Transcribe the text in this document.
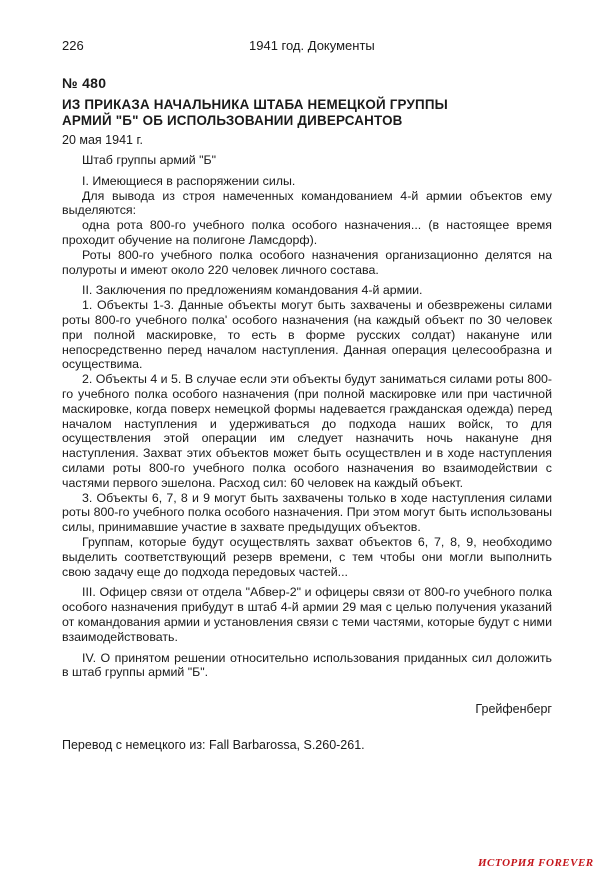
226	1941 год. Документы
№ 480
ИЗ ПРИКАЗА НАЧАЛЬНИКА ШТАБА НЕМЕЦКОЙ ГРУППЫ
АРМИЙ "Б" ОБ ИСПОЛЬЗОВАНИИ ДИВЕРСАНТОВ
20 мая 1941 г.

Штаб группы армий "Б"

I. Имеющиеся в распоряжении силы.

Для вывода из строя намеченных командованием 4-й армии объектов ему выделяются:

одна рота 800-го учебного полка особого назначения... (в настоящее время проходит обучение на полигоне Ламсдорф).

Роты 800-го учебного полка особого назначения организационно делятся на полуроты и имеют около 220 человек личного состава.

II. Заключения по предложениям командования 4-й армии.

1. Объекты 1-3. Данные объекты могут быть захвачены и обезврежены силами роты 800-го учебного полка' особого назначения (на каждый объект по 30 человек при полной маскировке, то есть в форме русских солдат) накануне или непосредственно перед началом наступления. Данная операция целесообразна и осуществима.

2. Объекты 4 и 5. В случае если эти объекты будут заниматься силами роты 800-го учебного полка особого назначения (при полной маскировке или при частичной маскировке, когда поверх немецкой формы надевается гражданская одежда) перед началом наступления и удерживаться до подхода наших войск, то для осуществления этой операции им следует назначить ночь накануне дня наступления. Захват этих объектов может быть осуществлен и в ходе наступления силами роты 800-го учебного полка особого назначения во взаимодействии с частями первого эшелона. Расход сил: 60 человек на каждый объект.

3. Объекты 6, 7, 8 и 9 могут быть захвачены только в ходе наступления силами роты 800-го учебного полка особого назначения. При этом могут быть использованы силы, принимавшие участие в захвате предыдущих объектов.

Группам, которые будут осуществлять захват объектов 6, 7, 8, 9, необходимо выделить соответствующий резерв времени, с тем чтобы они могли выполнить свою задачу еще до подхода передовых частей...

III. Офицер связи от отдела "Абвер-2" и офицеры связи от 800-го учебного полка особого назначения прибудут в штаб 4-й армии 29 мая с целью получения указаний от командования армии и установления связи с теми частями, которые будут с ними взаимодействовать.

IV. О принятом решении относительно использования приданных сил доложить в штаб группы армий "Б".

Грейфенберг
Перевод с немецкого из: Fall Barbarossa, S.260-261.
ИСТОРИЯ FOREVER
